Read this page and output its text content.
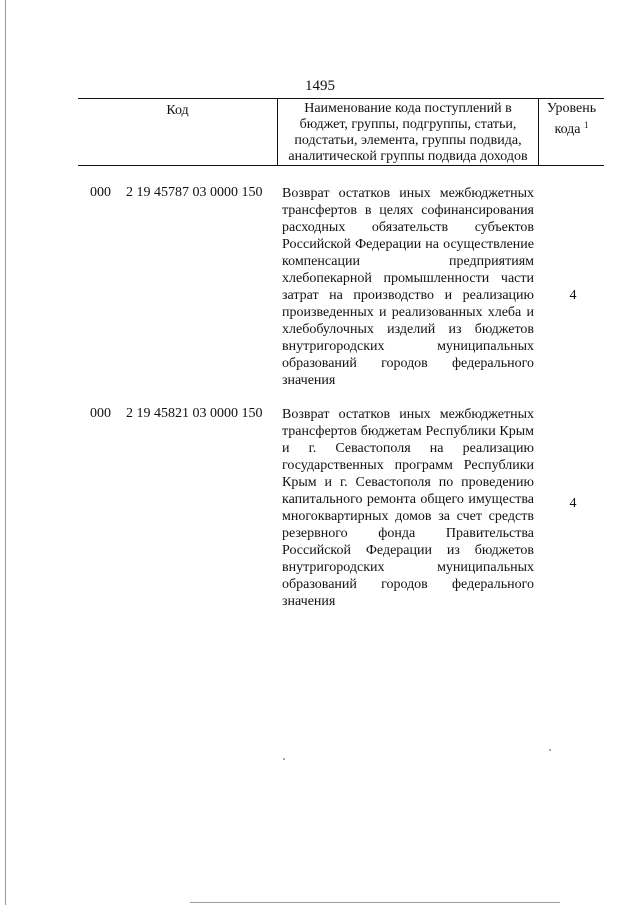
1495
Код	Наименование кода поступлений в
бюджет, группы, подгруппы, статьи,
подстатьи, элемента, группы подвида,
аналитической группы подвида доходов
Уровень
кода $^1$
000 2 19 45787 03 0000 150 Возврат остатков иных межбюджетных трансфертов в целях софинансирования расходных обязательств субъектов Российской Федерации на осуществление компенсации предприятиям хлебопекарной промышленности части затрат на производство и реализацию произведенных и реализованных хлеба и хлебобулочных изделий из бюджетов внутригородских муниципальных образований городов федерального значения
4
000 2 19 45821 03 0000 150 Возврат остатков иных межбюджетных трансфертов бюджетам Республики Крым и г. Севастополя на реализацию государственных программ Республики Крым и г. Севастополя по проведению капитального ремонта общего имущества многоквартирных домов за счет средств резервного фонда Правительства Российской Федерации из бюджетов внутригородских муниципальных образований городов федерального значения
4
